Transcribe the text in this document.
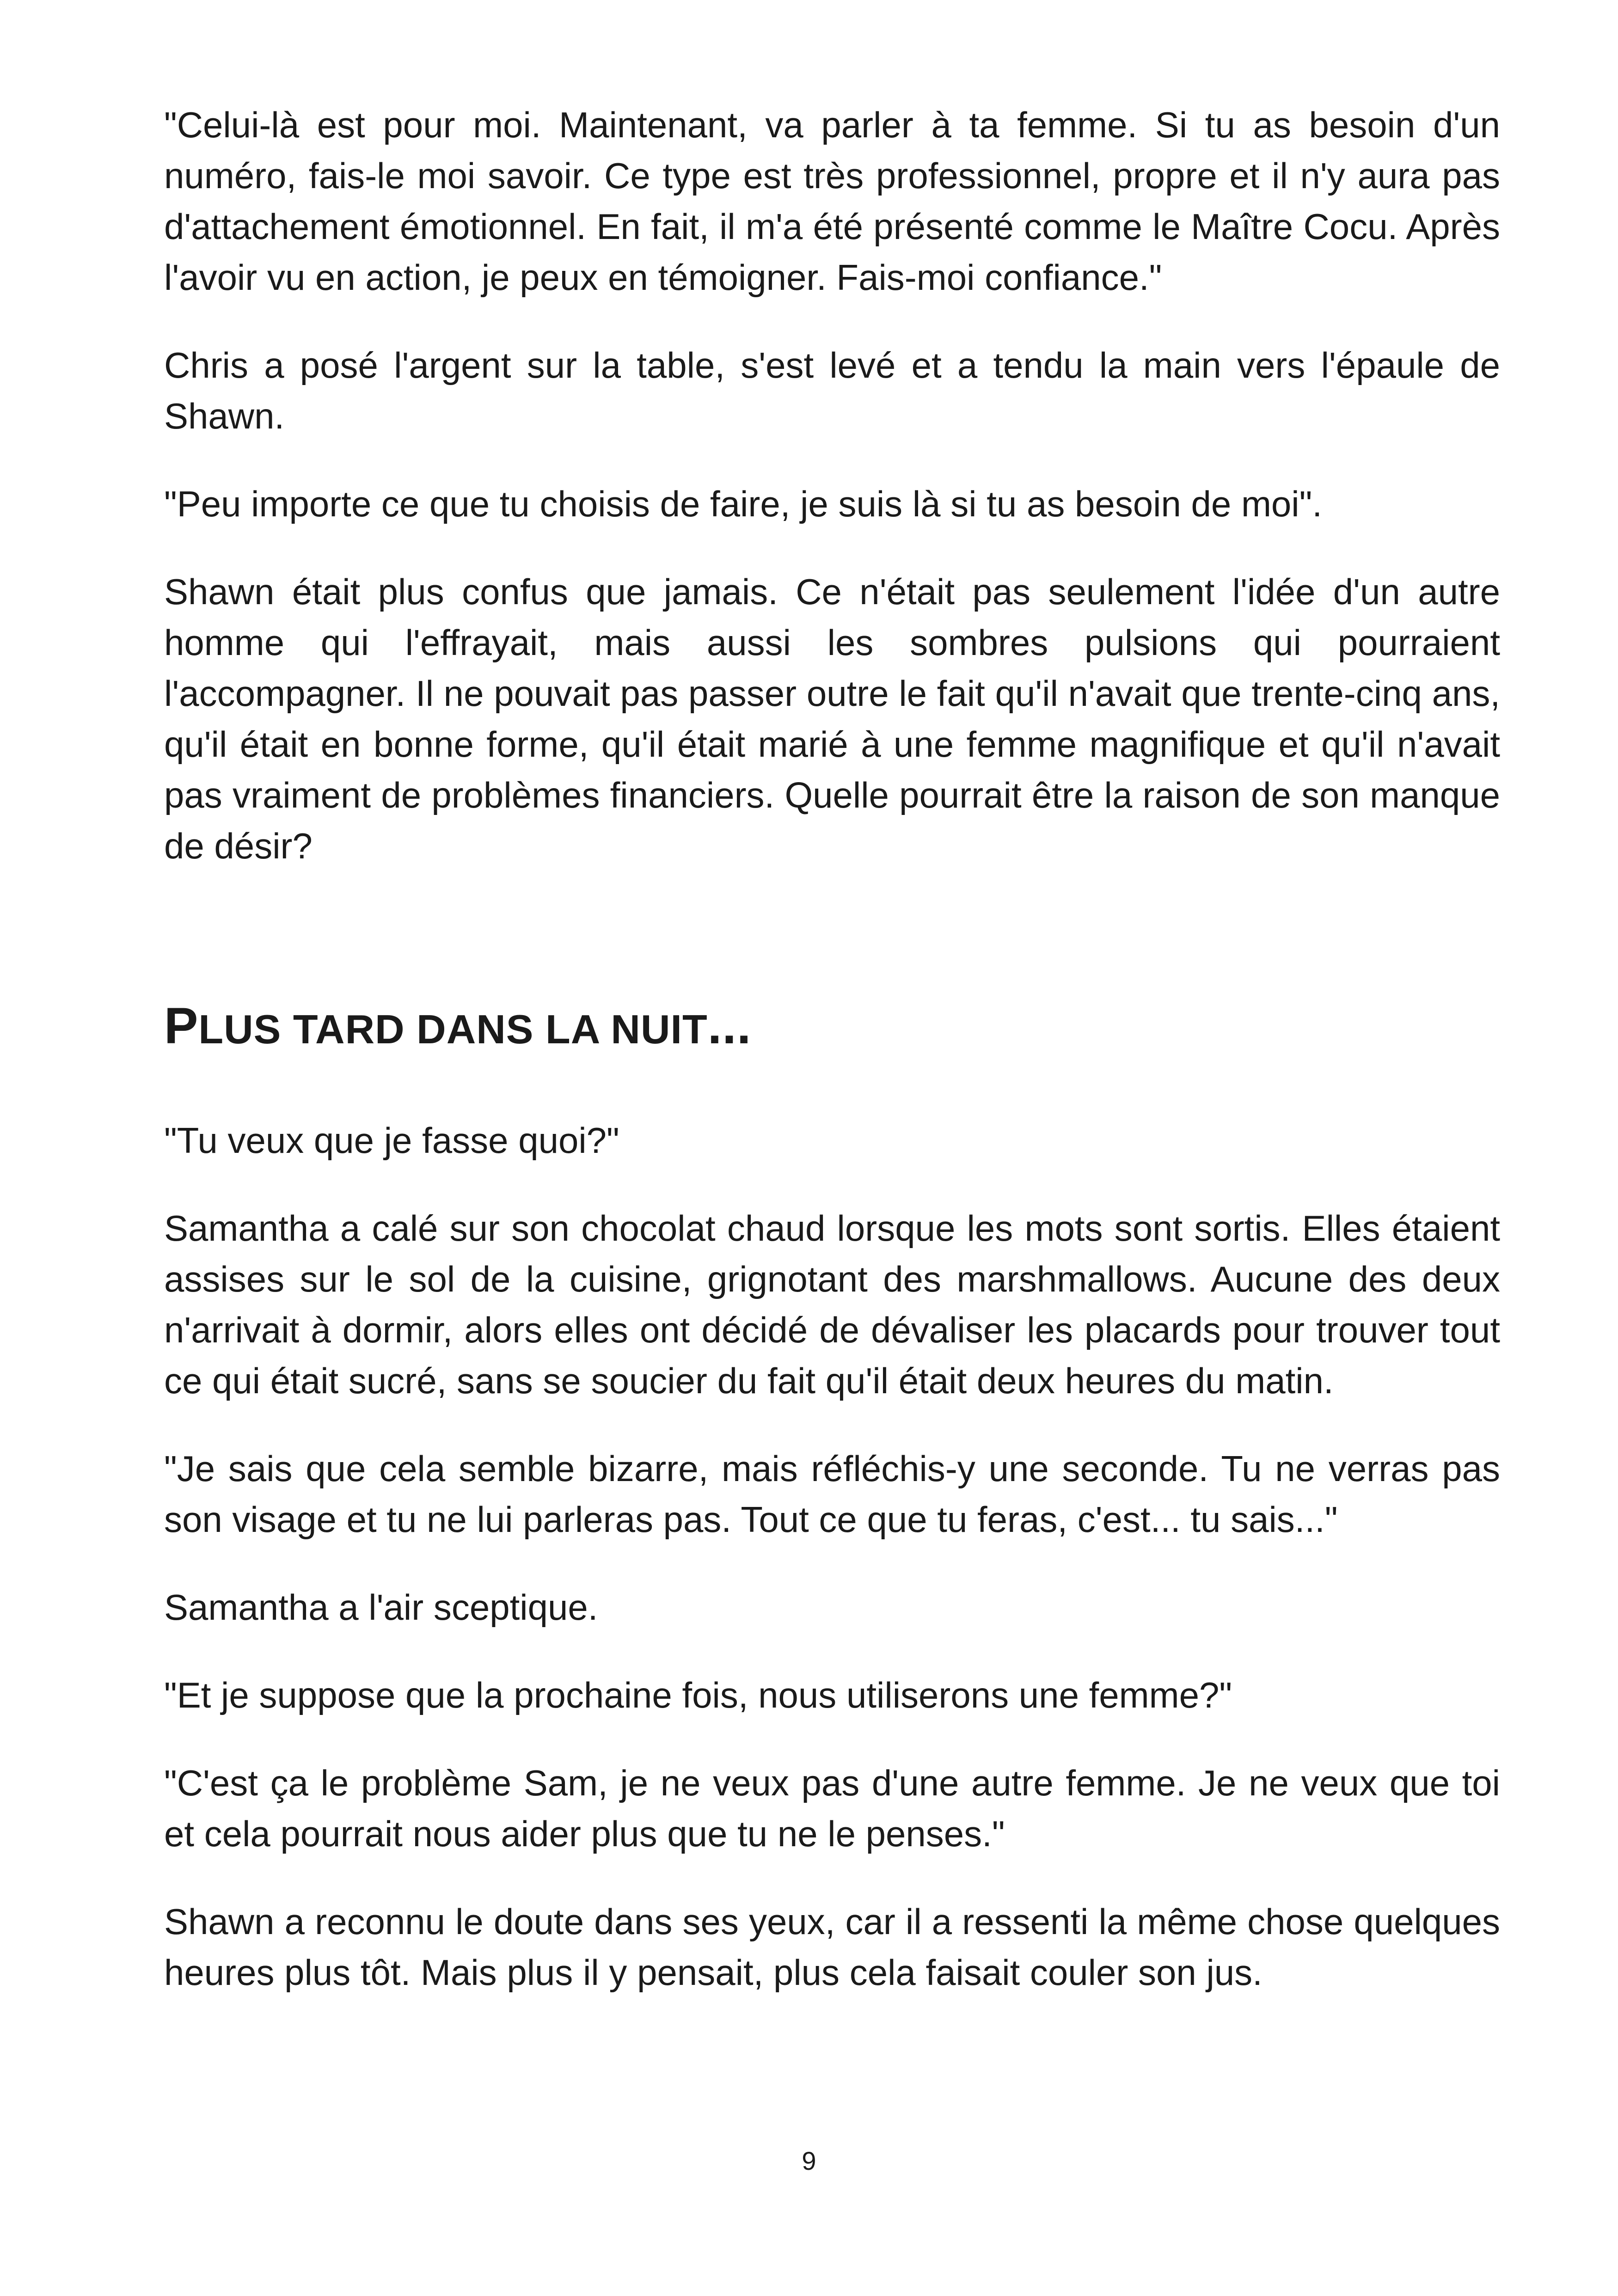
"Celui-là est pour moi. Maintenant, va parler à ta femme. Si tu as besoin d'un numéro, fais-le moi savoir. Ce type est très professionnel, propre et il n'y aura pas d'attachement émotionnel. En fait, il m'a été présenté comme le Maître Cocu. Après l'avoir vu en action, je peux en témoigner. Fais-moi confiance."

Chris a posé l'argent sur la table, s'est levé et a tendu la main vers l'épaule de Shawn.

"Peu importe ce que tu choisis de faire, je suis là si tu as besoin de moi".

Shawn était plus confus que jamais. Ce n'était pas seulement l'idée d'un autre homme qui l'effrayait, mais aussi les sombres pulsions qui pourraient l'accompagner. Il ne pouvait pas passer outre le fait qu'il n'avait que trente-cinq ans, qu'il était en bonne forme, qu'il était marié à une femme magnifique et qu'il n'avait pas vraiment de problèmes financiers. Quelle pourrait être la raison de son manque de désir?

PLUS TARD DANS LA NUIT...

"Tu veux que je fasse quoi?"

Samantha a calé sur son chocolat chaud lorsque les mots sont sortis. Elles étaient assises sur le sol de la cuisine, grignotant des marshmallows. Aucune des deux n'arrivait à dormir, alors elles ont décidé de dévaliser les placards pour trouver tout ce qui était sucré, sans se soucier du fait qu'il était deux heures du matin.

"Je sais que cela semble bizarre, mais réfléchis-y une seconde. Tu ne verras pas son visage et tu ne lui parleras pas. Tout ce que tu feras, c'est... tu sais..."

Samantha a l'air sceptique.

"Et je suppose que la prochaine fois, nous utiliserons une femme?"

"C'est ça le problème Sam, je ne veux pas d'une autre femme. Je ne veux que toi et cela pourrait nous aider plus que tu ne le penses."

Shawn a reconnu le doute dans ses yeux, car il a ressenti la même chose quelques heures plus tôt. Mais plus il y pensait, plus cela faisait couler son jus.

9
